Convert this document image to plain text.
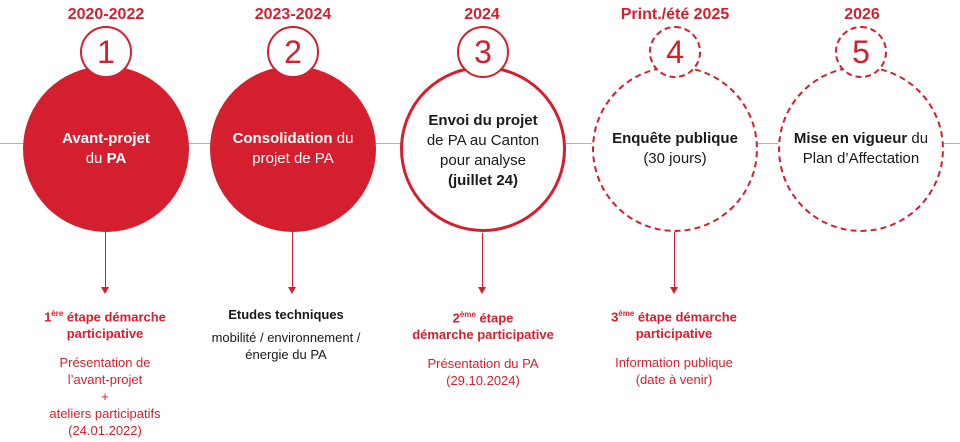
2020-2022	2023-2024	2024	Print./été 2025	2026
Avant-projet
du PA
Consolidation du
projet de PA
Envoi du projet
de PA au Canton
pour analyse
(juillet 24)
Enquête publique
(30 jours)
Mise en vigueur du
Plan d’Affectation
1	2	3	4	5
1ère étape démarche
participative
Présentation de
l’avant-projet
+
ateliers participatifs
(24.01.2022)
Etudes techniques
mobilité / environnement /
énergie du PA
2ème étape
démarche participative
Présentation du PA
(29.10.2024)
3ème étape démarche
participative
Information publique
(date à venir)
